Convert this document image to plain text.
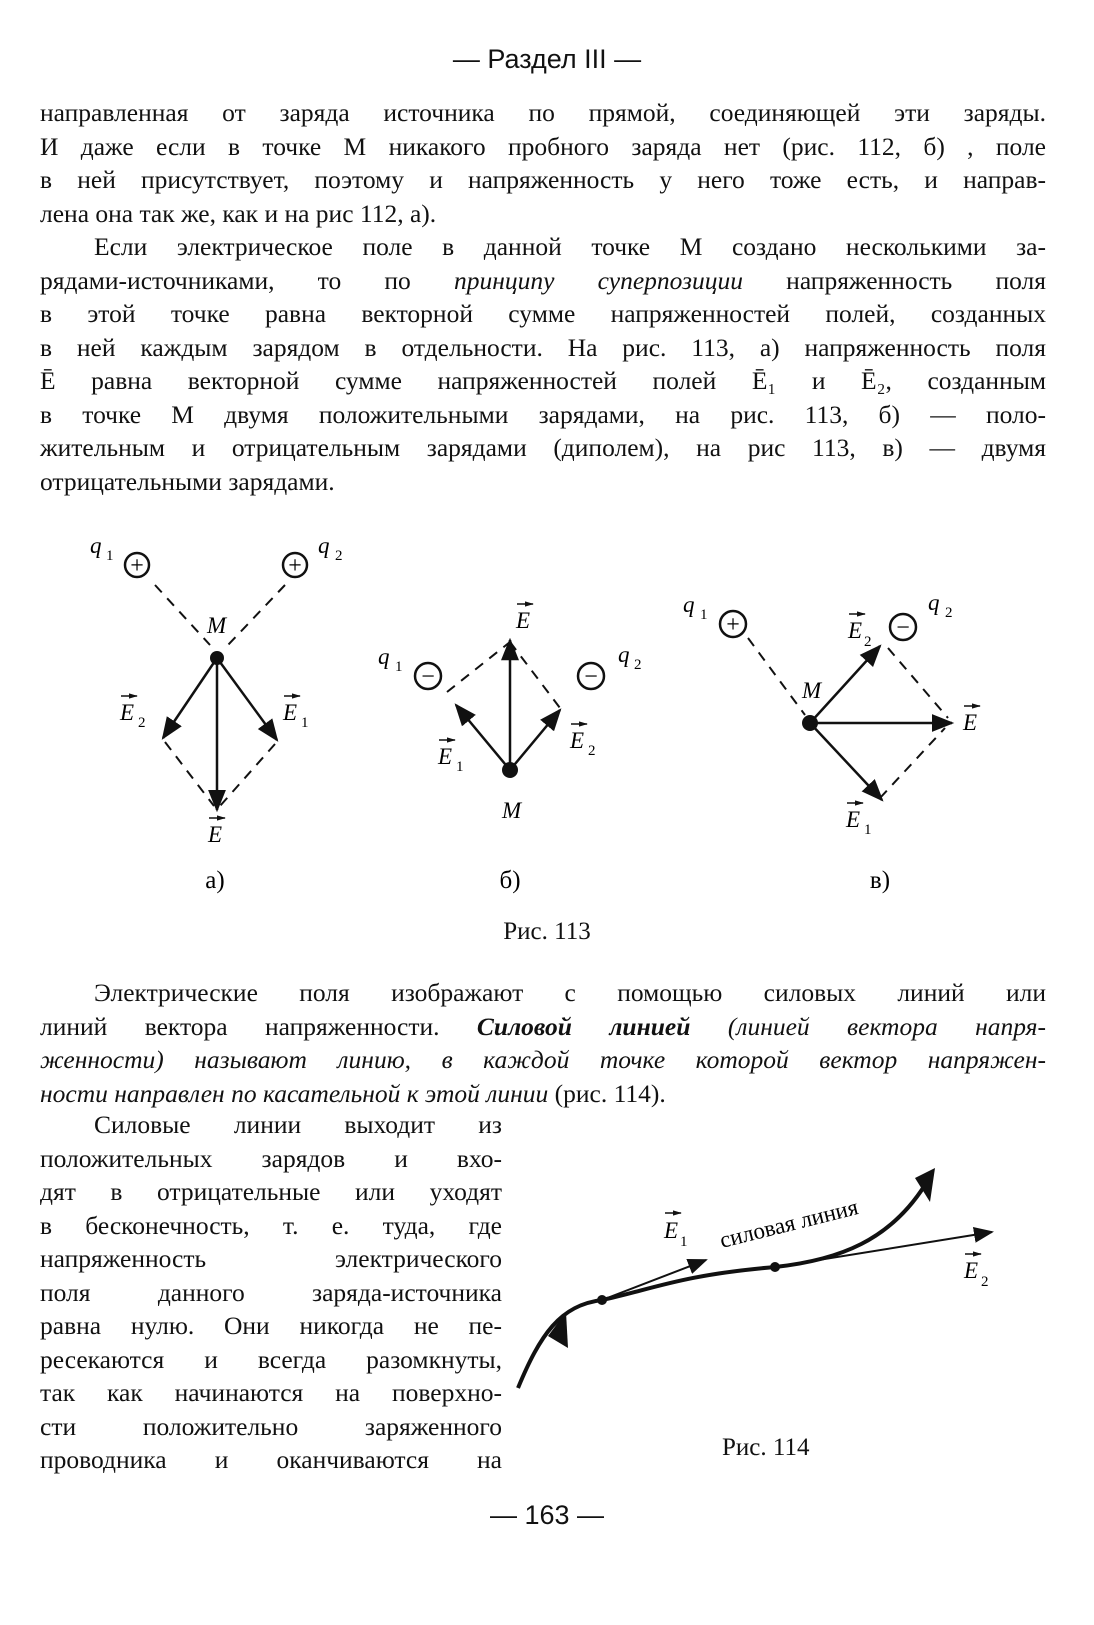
— Раздел III —
направленная от заряда источника по прямой, соединяющей эти заряды.
И даже если в точке M никакого пробного заряда нет (рис. 112, б) , поле
в ней присутствует, поэтому и напряженность у него тоже есть, и направ-
лена она так же, как и на рис 112, а).
Если электрическое поле в данной точке M создано несколькими за-
рядами-источниками, то по принципу суперпозиции напряженность поля
в этой точке равна векторной сумме напряженностей полей, созданных
в ней каждым зарядом в отдельности. На рис. 113, а) напряженность поля
Ē равна векторной сумме напряженностей полей Ē₁ и Ē₂, созданным
в точке M двумя положительными зарядами, на рис. 113, б) — поло-
жительным и отрицательным зарядами (диполем), на рис 113, в) — двумя
отрицательными зарядами.
+	+
q 1	q 2
M
E 2	E 1
E
а)
−	−
q 1	q 2
E
E 1
E 2
M
б)
+	−
q 1	q 2
M
E 2
E
E 1
в)
Рис. 113
Электрические поля изображают с помощью силовых линий или
линий вектора напряженности. Силовой линией (линией вектора напря-
женности) называют линию, в каждой точке которой вектор напряжен-
ности направлен по касательной к этой линии (рис. 114).
Силовые линии выходит из
положительных зарядов и вхо-
дят в отрицательные или уходят
в бесконечность, т. е. туда, где
напряженность электрического
поля данного заряда-источника
равна нулю. Они никогда не пе-
ресекаются и всегда разомкнуты,
так как начинаются на поверхно-
сти положительно заряженного
проводника и оканчиваются на
E 1
E 2
силовая линия
Рис. 114
— 163 —
